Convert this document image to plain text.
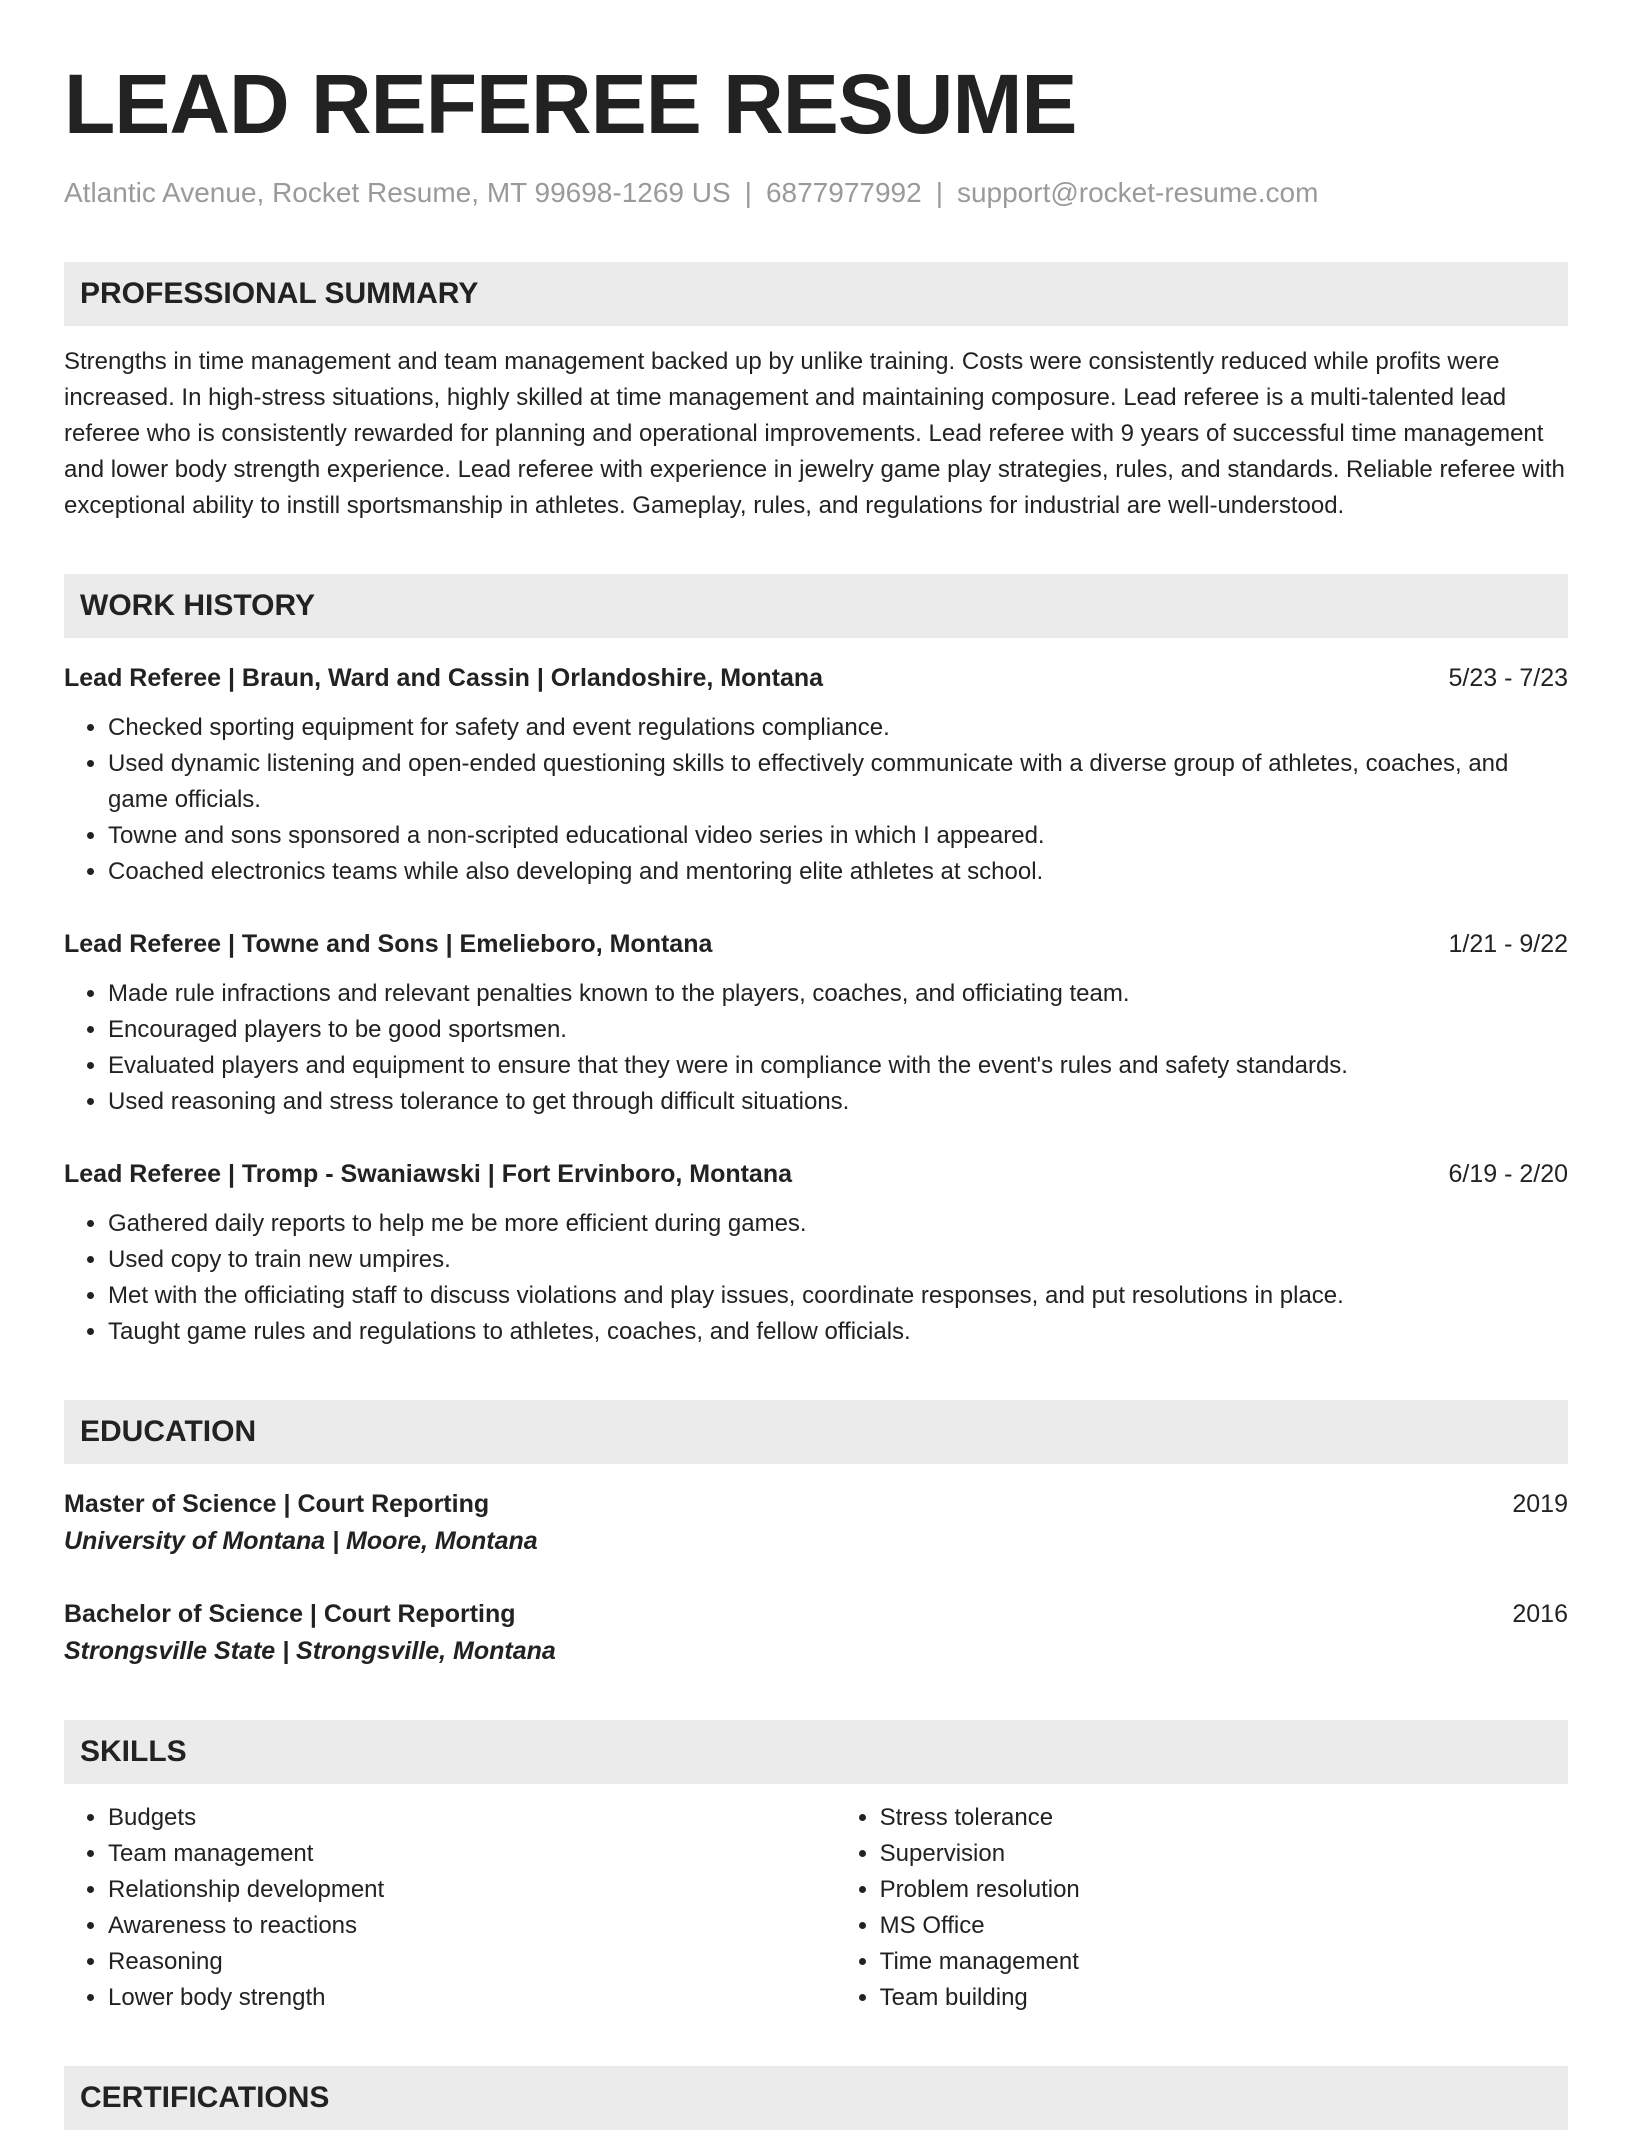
LEAD REFEREE RESUME
Atlantic Avenue, Rocket Resume, MT 99698-1269 US | 6877977992 | support@rocket-resume.com
PROFESSIONAL SUMMARY
Strengths in time management and team management backed up by unlike training. Costs were consistently reduced while profits were increased. In high-stress situations, highly skilled at time management and maintaining composure. Lead referee is a multi-talented lead referee who is consistently rewarded for planning and operational improvements. Lead referee with 9 years of successful time management and lower body strength experience. Lead referee with experience in jewelry game play strategies, rules, and standards. Reliable referee with exceptional ability to instill sportsmanship in athletes. Gameplay, rules, and regulations for industrial are well-understood.
WORK HISTORY
Lead Referee | Braun, Ward and Cassin | Orlandoshire, Montana	5/23 - 7/23
• Checked sporting equipment for safety and event regulations compliance.
• Used dynamic listening and open-ended questioning skills to effectively communicate with a diverse group of athletes, coaches, and game officials.
• Towne and sons sponsored a non-scripted educational video series in which I appeared.
• Coached electronics teams while also developing and mentoring elite athletes at school.
Lead Referee | Towne and Sons | Emelieboro, Montana	1/21 - 9/22
• Made rule infractions and relevant penalties known to the players, coaches, and officiating team.
• Encouraged players to be good sportsmen.
• Evaluated players and equipment to ensure that they were in compliance with the event's rules and safety standards.
• Used reasoning and stress tolerance to get through difficult situations.
Lead Referee | Tromp - Swaniawski | Fort Ervinboro, Montana	6/19 - 2/20
• Gathered daily reports to help me be more efficient during games.
• Used copy to train new umpires.
• Met with the officiating staff to discuss violations and play issues, coordinate responses, and put resolutions in place.
• Taught game rules and regulations to athletes, coaches, and fellow officials.
EDUCATION
Master of Science | Court Reporting	2019
University of Montana | Moore, Montana
Bachelor of Science | Court Reporting	2016
Strongsville State | Strongsville, Montana
SKILLS
• Budgets
• Team management
• Relationship development
• Awareness to reactions
• Reasoning
• Lower body strength
• Stress tolerance
• Supervision
• Problem resolution
• MS Office
• Time management
• Team building
CERTIFICATIONS
